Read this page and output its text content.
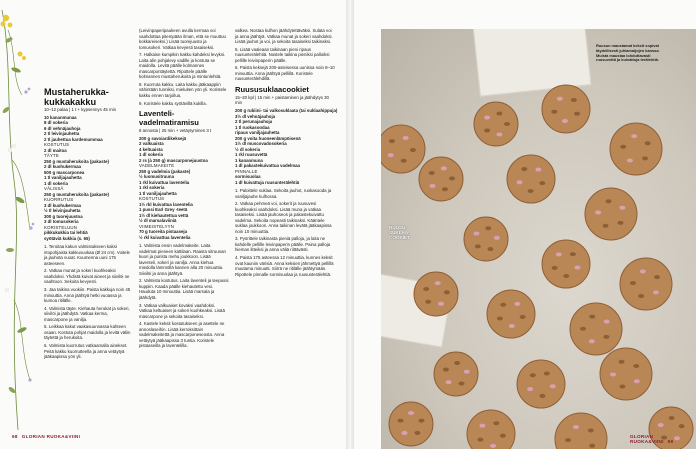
Mustaherukka-
kukkakakku

10–12 palaa | 1 t + kypsennys 45 min

10 kananmunaa
8 dl sokeria
6 dl vehnäjauhoja
2 tl leivinjauhetta
2 tl jauhettua kardemummaa
KOSTUTUS
2 dl maitoa
TÄYTE
250 g mustaherukoita (pakaste)
2 dl kuohukermaa
500 g mascarponea
1 tl vaniljajauhetta
1 dl sokeria
VÄLISSÄ
250 g mustaherukoita (pakaste)
KUORRUTUS
3 dl kuohukermaa
½ tl leivinjauhetta
300 g tuorejuustoa
3 dl tomusokeria
KORISTELUUN
pikkukukkia tai lehtiä
syötäviä kukkia (s. 65)

1. Teroitaa kakun valmistukseen kaksi irtopohjaista kakkuvuokaa (Ø 24 cm). Voitele ja jauhota vuoat. Kuumenna uuni 175 asteeseen.

2. Vatkaa munat ja sokeri kuohkeaksi vaahdoksi. Yhdistä kuivat aineet ja siivilöi ne vaahtoon. Sekoita kevyesti.

3. Jaa taikina vuokiin. Paista kakkuja noin 45 minuuttia. Anna jäähtyä hetki vuoassa ja kumoa ritilälle.

4. Valmista täyte. Kiehauta herukat ja sokeri, siivilöi ja jäähdytä. Vatkaa kerma, mascarpone ja vanilja.

5. Leikkaa kakut vaakasuunnassa kahteen osaan. Kostuta pohjat maidolla ja levitä väliin täytettä ja herukoita.

6. Valmista kuorrutus vatkaamalla ainekset. Peitä kakku kuorrutteella ja anna vetäytyä jääkaapissa yön yli.

(Leivinpaperipaukeen avulla kermaa voi vaahdottaa pitempään ilman, että se muuttuu kokkareiseksi.) Lisää tuorejuusto ja tomusokeri. Vatkaa kevyesti tasaiseksi.

7. Halkaise kumpikin kakku kahdeksi levyksi. Laita alin pohjalevy vadille ja kostuta se maidolla. Levitä päälle kolmannes mascarpontäytettä. Ripottele päälle kolmannes mustaherukoita ja mintunlehtiä.

8. Kuorruta kakku. Laita kakku jääkaappiin vähintään tunniksi, mieluiten yön yli. Koristele kakku ennen tarjoilua.

9. Koristele kakku syötävillä kukilla.

Laventeli-vadelmatiramisu

8 annosta | 25 min + vetäytyminen 3 t

200 g savoiardikeksejä
2 valkuaista
4 keltuaista
1 dl sokeria
2 rs (à 250 g) mascarponejuustoa
VADELMAKEITE
250 g vadelmia (pakaste)
½ luomusitruuna
1 rkl kuivattua laventelia
1 rkl sokeria
1 tl vaniljajauhetta
KOSTUTUS
1½ rkl kuivattua laventelia
1 pussi Earl Grey -teetä
1½ dl kiehautettua vettä
½ dl marsalaviiniä
VIIMEISTELYYN
70 g tuoreita pistaaseja
½ rkl kuivattua laventelia

1. Valmista ensin vadelmakeite. Laita vadelmat pieneen kattilaan. Raasta sitruunan kuori ja purista mehu joukkoon. Lisää laventeli, sokeri ja vanilja. Anna kiehua miedolla lämmöllä kannen alla 20 minuuttia. Siivilöi ja anna jäähtyä.

2. Valmista kostutus. Laita laventeli ja teepussi kuppiin. Kaada päälle kiehautettu vesi. Hauduta 10 minuuttia. Lisää marsala ja jäähdytä.

3. Vatkaa valkuaiset kovaksi vaahdoksi. Vatkaa keltuaiset ja sokeri kuohkeaksi. Lisää mascarpone ja sekoita tasaiseksi.

4. Kastele keksit kostutukseen ja asettele ne annoslaseihin. Lisää kerroksittain vadelmakeitettä ja mascarponeseosta. Anna vetäytyä jääkaapissa 3 tuntia. Koristele pistaaseilla ja laventelilla.

valkea. Nostaa kulhon jäähdytettäväksi. Sulata voi ja anna jäähtyä. Vatkaa munat ja sokeri vaahdoksi. Lisää jauhot ja voi, ja sekoita tasaiseksi taikinaksi.

5. Lisää vaaleaan taikinaan pieni ripaus ruusunterälehtiä. Nostele taikina pieniksi palloiksi pellille leivinpaperin päälle.

6. Paista keksejä 200-asteisessa uunissa noin 8–10 minuuttia. Anna jäähtyä pellillä. Koristele ruusunterälehdillä.

Ruususuklaacookiet

15–20 kpl | 15 min + paistaminen ja jäähdytys 30 min

200 g rubiini- tai valkosuklaata (tai suklaahippuja)
3½ dl vehnäjauhoja
2 tl perunajauhoja
1 tl ruokasoodaa
ripaus vaniljajauhetta
200 g voita huoneenlämpöisenä
1½ dl muscovadosokeria
½ dl sokeria
1 rkl ruusuvettä
1 kananmuna
1 dl pakastekuivattua vadelmaa
PINNALLE
sormisuolaa
1 dl kuivattuja ruusunterälehtiä

1. Paloittele suklaa. Sekoita jauhot, ruokasooda ja vaniljajauhe kulhossa.

2. Vatkaa pehmeä voi, sokerit ja ruusuvesi kuohkeaksi vaahdoksi. Lisää muna ja vatkaa tasaiseksi. Lisää jauhoseos ja pakastekuivattu vadelma. Sekoita nopeasti taikinaksi. Kääntele suklaa joukkoon. Anna taikinan levätä jääkaapissa noin 10 minuuttia.

3. Pyörittele taikinasta pieniä palloja, ja laita ne kahdelle pellille leivinpaperin päälle. Paina palloja hieman litteiksi ja anna väliä riittävästi.

4. Paista 175 asteessa 12 minuuttia, kunnes keksit ovat kauniin värisiä. Anna keksien jähmettyä pellillä muutama minuutti. Siirrä ne ritilälle jäähtymään. Ripottele pinnalle sormisuolaa ja ruusunterälehtiä.

68 GLORIAN RUOKA&VIINI
RUUSU-
SUKLAA-
COOKIET
Ruusun maustamat keksit sopivat täydellisesti juhlamaljojen kanssa. Muista maustaa lohduttavasti ruusuvettä ja kuivattuja terälehtiä.
GLORIAN RUOKA&VIINI 69
